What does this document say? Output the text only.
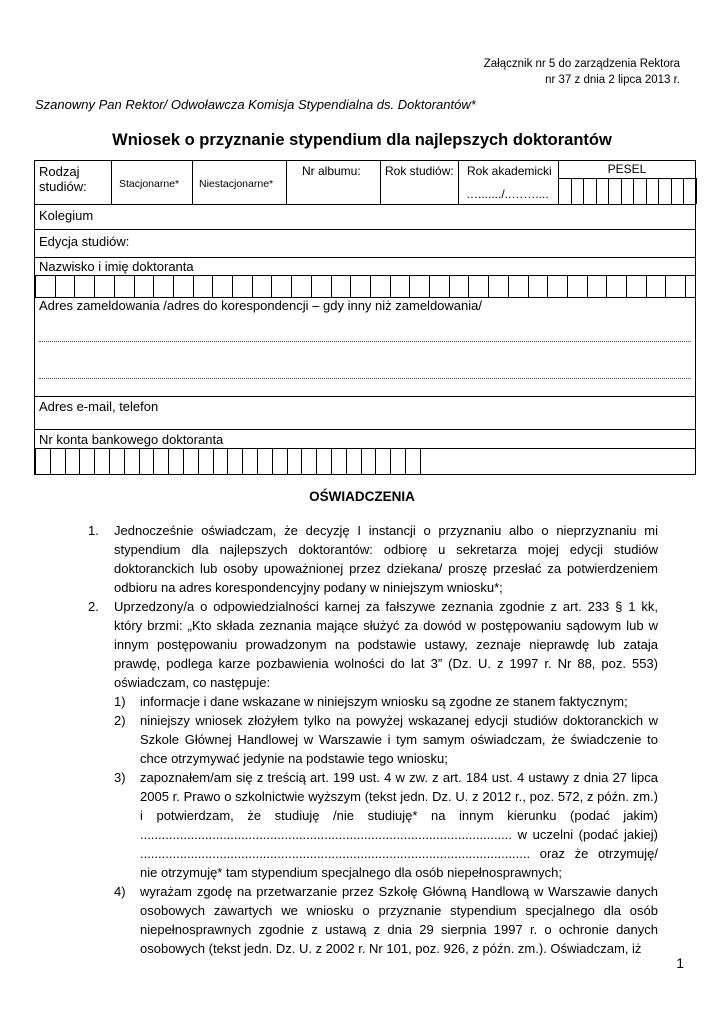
Załącznik nr 5 do zarządzenia Rektora
nr 37 z dnia 2 lipca 2013 r.
Szanowny Pan Rektor/ Odwoławcza Komisja Stypendialna ds. Doktorantów*
Wniosek o przyznanie stypendium dla najlepszych doktorantów
Rodzaj studiów:	Stacjonarne* Niestacjonarne*
Nr albumu: Rok studiów: Rok akademicki
…......./..……....
PESEL
Kolegium
Edycja studiów:
Nazwisko i imię doktoranta
Adres zameldowania /adres do korespondencji – gdy inny niż zameldowania/
Adres e-mail, telefon
Nr konta bankowego doktoranta
OŚWIADCZENIA
1. Jednocześnie oświadczam, że decyzję I instancji o przyznaniu albo o nieprzyznaniu mi stypendium dla najlepszych doktorantów: odbiorę u sekretarza mojej edycji studiów doktoranckich lub osoby upoważnionej przez dziekana/ proszę przesłać za potwierdzeniem odbioru na adres korespondencyjny podany w niniejszym wniosku*;
2. Uprzedzony/a o odpowiedzialności karnej za fałszywe zeznania zgodnie z art. 233 § 1 kk, który brzmi: „Kto składa zeznania mające służyć za dowód w postępowaniu sądowym lub w innym postępowaniu prowadzonym na podstawie ustawy, zeznaje nieprawdę lub zataja prawdę, podlega karze pozbawienia wolności do lat 3” (Dz. U. z 1997 r. Nr 88, poz. 553) oświadczam, co następuje:
1) informacje i dane wskazane w niniejszym wniosku są zgodne ze stanem faktycznym;
2) niniejszy wniosek złożyłem tylko na powyżej wskazanej edycji studiów doktoranckich w Szkole Głównej Handlowej w Warszawie i tym samym oświadczam, że świadczenie to chce otrzymywać jedynie na podstawie tego wniosku;
3) zapoznałem/am się z treścią art. 199 ust. 4 w zw. z art. 184 ust. 4 ustawy z dnia 27 lipca 2005 r. Prawo o szkolnictwie wyższym (tekst jedn. Dz. U. z 2012 r., poz. 572, z późn. zm.) i potwierdzam, że studiuję /nie studiuję* na innym kierunku (podać jakim) ....................................................................................................... w uczelni (podać jakiej) ............................................................................................................ oraz że otrzymuję/ nie otrzymuję* tam stypendium specjalnego dla osób niepełnosprawnych;
4) wyrażam zgodę na przetwarzanie przez Szkołę Główną Handlową w Warszawie danych osobowych zawartych we wniosku o przyznanie stypendium specjalnego dla osób niepełnosprawnych zgodnie z ustawą z dnia 29 sierpnia 1997 r. o ochronie danych osobowych (tekst jedn. Dz. U. z 2002 r. Nr 101, poz. 926, z późn. zm.). Oświadczam, iż
1
